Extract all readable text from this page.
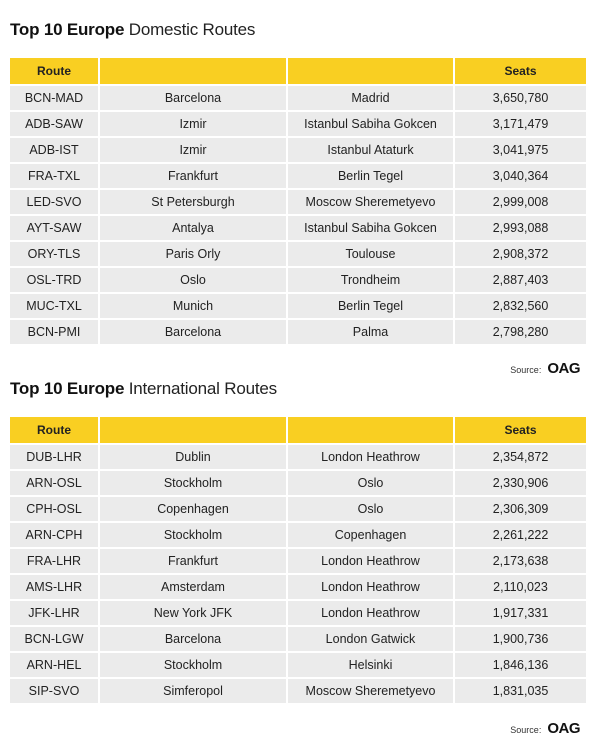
Top 10 Europe Domestic Routes
Route			Seats
BCN-MAD	Barcelona	Madrid	3,650,780
ADB-SAW	Izmir	Istanbul Sabiha Gokcen	3,171,479
ADB-IST	Izmir	Istanbul Ataturk	3,041,975
FRA-TXL	Frankfurt	Berlin Tegel	3,040,364
LED-SVO	St Petersburgh	Moscow Sheremetyevo	2,999,008
AYT-SAW	Antalya	Istanbul Sabiha Gokcen	2,993,088
ORY-TLS	Paris Orly	Toulouse	2,908,372
OSL-TRD	Oslo	Trondheim	2,887,403
MUC-TXL	Munich	Berlin Tegel	2,832,560
BCN-PMI	Barcelona	Palma	2,798,280
Source: OAG
Top 10 Europe International Routes
Route			Seats
DUB-LHR	Dublin	London Heathrow	2,354,872
ARN-OSL	Stockholm	Oslo	2,330,906
CPH-OSL	Copenhagen	Oslo	2,306,309
ARN-CPH	Stockholm	Copenhagen	2,261,222
FRA-LHR	Frankfurt	London Heathrow	2,173,638
AMS-LHR	Amsterdam	London Heathrow	2,110,023
JFK-LHR	New York JFK	London Heathrow	1,917,331
BCN-LGW	Barcelona	London Gatwick	1,900,736
ARN-HEL	Stockholm	Helsinki	1,846,136
SIP-SVO	Simferopol	Moscow Sheremetyevo	1,831,035
Source: OAG
